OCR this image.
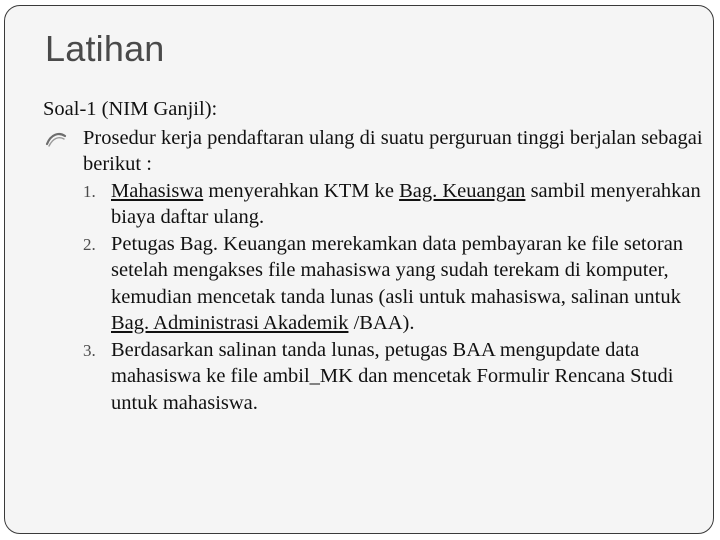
Latihan

Soal-1 (NIM Ganjil):

Prosedur kerja pendaftaran ulang di suatu perguruan tinggi berjalan sebagai berikut :
1. Mahasiswa menyerahkan KTM ke Bag. Keuangan sambil menyerahkan biaya daftar ulang.
2. Petugas Bag. Keuangan merekamkan data pembayaran ke file setoran setelah mengakses file mahasiswa yang sudah terekam di komputer, kemudian mencetak tanda lunas (asli untuk mahasiswa, salinan untuk Bag. Administrasi Akademik /BAA).
3. Berdasarkan salinan tanda lunas, petugas BAA mengupdate data mahasiswa ke file ambil_MK dan mencetak Formulir Rencana Studi untuk mahasiswa.
